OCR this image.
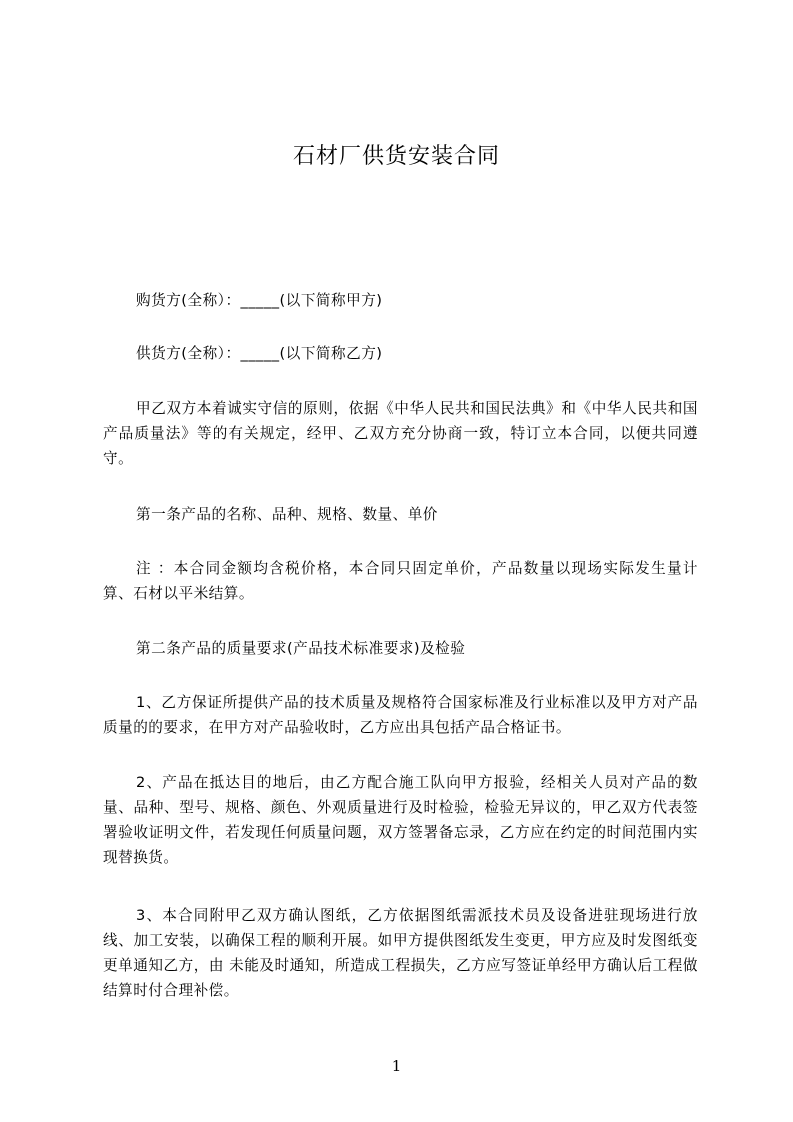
石材厂供货安装合同
购货方(全称）：_____(以下简称甲方)
供货方(全称）：_____(以下简称乙方)
甲乙双方本着诚实守信的原则，依据《中华人民共和国民法典》和《中华人民共和国产品质量法》等的有关规定，经甲、乙双方充分协商一致，特订立本合同，以便共同遵守。
第一条产品的名称、品种、规格、数量、单价
注 ：本合同金额均含税价格，本合同只固定单价，产品数量以现场实际发生量计算、石材以平米结算。
第二条产品的质量要求(产品技术标准要求)及检验
1、乙方保证所提供产品的技术质量及规格符合国家标准及行业标准以及甲方对产品质量的的要求，在甲方对产品验收时，乙方应出具包括产品合格证书。
2、产品在抵达目的地后，由乙方配合施工队向甲方报验，经相关人员对产品的数量、品种、型号、规格、颜色、外观质量进行及时检验，检验无异议的，甲乙双方代表签署验收证明文件，若发现任何质量问题，双方签署备忘录，乙方应在约定的时间范围内实现替换货。
3、本合同附甲乙双方确认图纸，乙方依据图纸需派技术员及设备进驻现场进行放线、加工安装，以确保工程的顺利开展。如甲方提供图纸发生变更，甲方应及时发图纸变更单通知乙方，由 未能及时通知，所造成工程损失，乙方应写签证单经甲方确认后工程做结算时付合理补偿。
1
